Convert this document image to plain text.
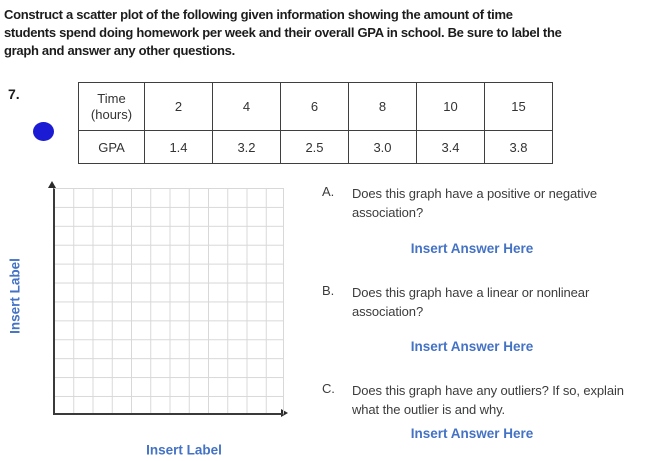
Construct a scatter plot of the following given information showing the amount of time
students spend doing homework per week and their overall GPA in school. Be sure to label the
graph and answer any other questions.
7.	Time (hours)	2	4	6	8	10	15
GPA	1.4	3.2	2.5	3.0	3.4	3.8
Insert Label
Insert Label
A. Does this graph have a positive or negative association?
Insert Answer Here
B. Does this graph have a linear or nonlinear association?
Insert Answer Here
C. Does this graph have any outliers? If so, explain what the outlier is and why.
Insert Answer Here
